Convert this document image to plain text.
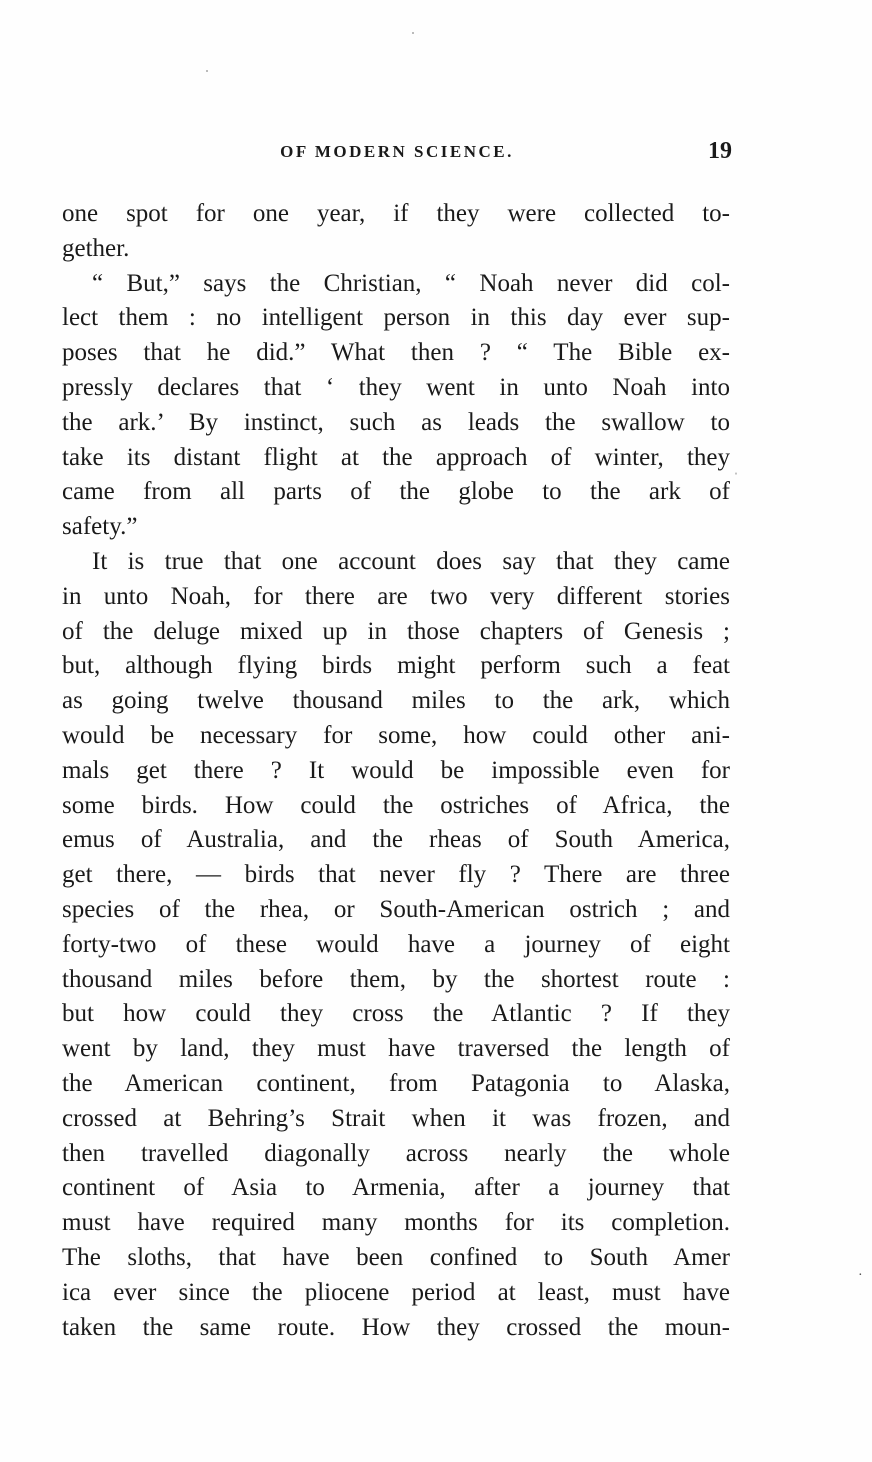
OF MODERN SCIENCE.	19
one spot for one year, if they were collected to-
gether.
“ But,” says the Christian, “ Noah never did col-
lect them : no intelligent person in this day ever sup-
poses that he did.” What then ? “ The Bible ex-
pressly declares that ‘ they went in unto Noah into
the ark.’ By instinct, such as leads the swallow to
take its distant flight at the approach of winter, they
came from all parts of the globe to the ark of
safety.”
It is true that one account does say that they came
in unto Noah, for there are two very different stories
of the deluge mixed up in those chapters of Genesis ;
but, although flying birds might perform such a feat
as going twelve thousand miles to the ark, which
would be necessary for some, how could other ani-
mals get there ? It would be impossible even for
some birds. How could the ostriches of Africa, the
emus of Australia, and the rheas of South America,
get there, — birds that never fly ? There are three
species of the rhea, or South-American ostrich ; and
forty-two of these would have a journey of eight
thousand miles before them, by the shortest route :
but how could they cross the Atlantic ? If they
went by land, they must have traversed the length of
the American continent, from Patagonia to Alaska,
crossed at Behring’s Strait when it was frozen, and
then travelled diagonally across nearly the whole
continent of Asia to Armenia, after a journey that
must have required many months for its completion.
The sloths, that have been confined to South Amer
ica ever since the pliocene period at least, must have
taken the same route. How they crossed the moun-
ˈ
·
